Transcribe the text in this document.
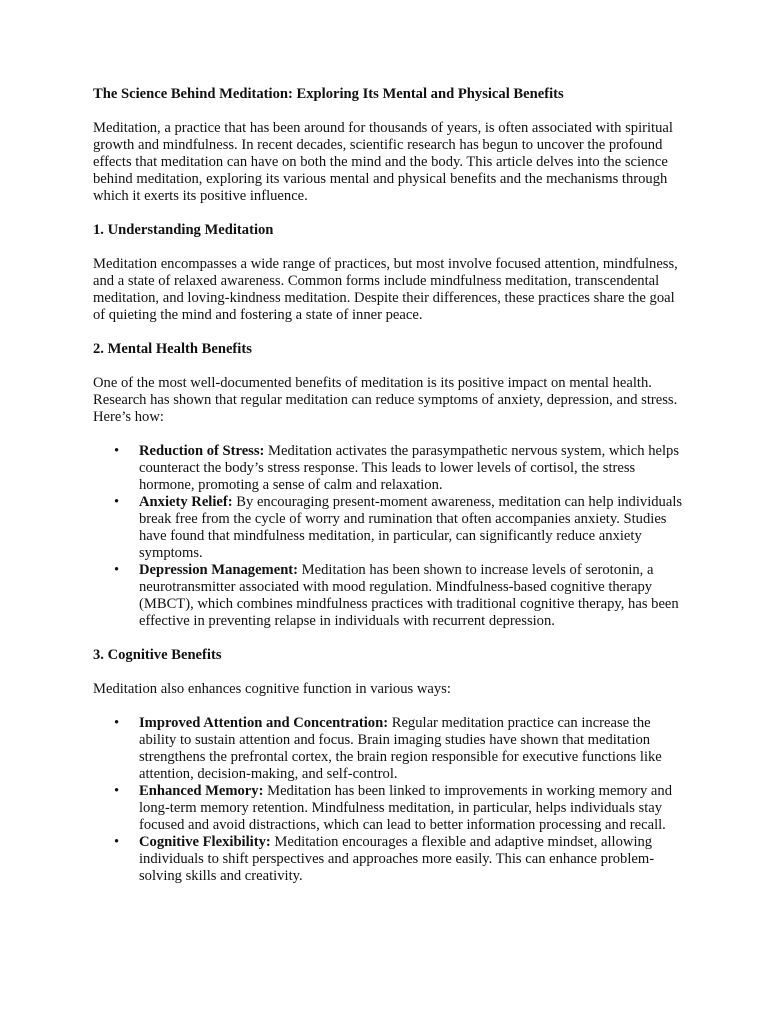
The Science Behind Meditation: Exploring Its Mental and Physical Benefits

Meditation, a practice that has been around for thousands of years, is often associated with spiritual growth and mindfulness. In recent decades, scientific research has begun to uncover the profound effects that meditation can have on both the mind and the body. This article delves into the science behind meditation, exploring its various mental and physical benefits and the mechanisms through which it exerts its positive influence.

1. Understanding Meditation

Meditation encompasses a wide range of practices, but most involve focused attention, mindfulness, and a state of relaxed awareness. Common forms include mindfulness meditation, transcendental meditation, and loving-kindness meditation. Despite their differences, these practices share the goal of quieting the mind and fostering a state of inner peace.

2. Mental Health Benefits

One of the most well-documented benefits of meditation is its positive impact on mental health. Research has shown that regular meditation can reduce symptoms of anxiety, depression, and stress. Here’s how:

• Reduction of Stress: Meditation activates the parasympathetic nervous system, which helps counteract the body’s stress response. This leads to lower levels of cortisol, the stress hormone, promoting a sense of calm and relaxation.
• Anxiety Relief: By encouraging present-moment awareness, meditation can help individuals break free from the cycle of worry and rumination that often accompanies anxiety. Studies have found that mindfulness meditation, in particular, can significantly reduce anxiety symptoms.
• Depression Management: Meditation has been shown to increase levels of serotonin, a neurotransmitter associated with mood regulation. Mindfulness-based cognitive therapy (MBCT), which combines mindfulness practices with traditional cognitive therapy, has been effective in preventing relapse in individuals with recurrent depression.
3. Cognitive Benefits

Meditation also enhances cognitive function in various ways:

• Improved Attention and Concentration: Regular meditation practice can increase the ability to sustain attention and focus. Brain imaging studies have shown that meditation strengthens the prefrontal cortex, the brain region responsible for executive functions like attention, decision-making, and self-control.
• Enhanced Memory: Meditation has been linked to improvements in working memory and long-term memory retention. Mindfulness meditation, in particular, helps individuals stay focused and avoid distractions, which can lead to better information processing and recall.
• Cognitive Flexibility: Meditation encourages a flexible and adaptive mindset, allowing individuals to shift perspectives and approaches more easily. This can enhance problem-solving skills and creativity.
